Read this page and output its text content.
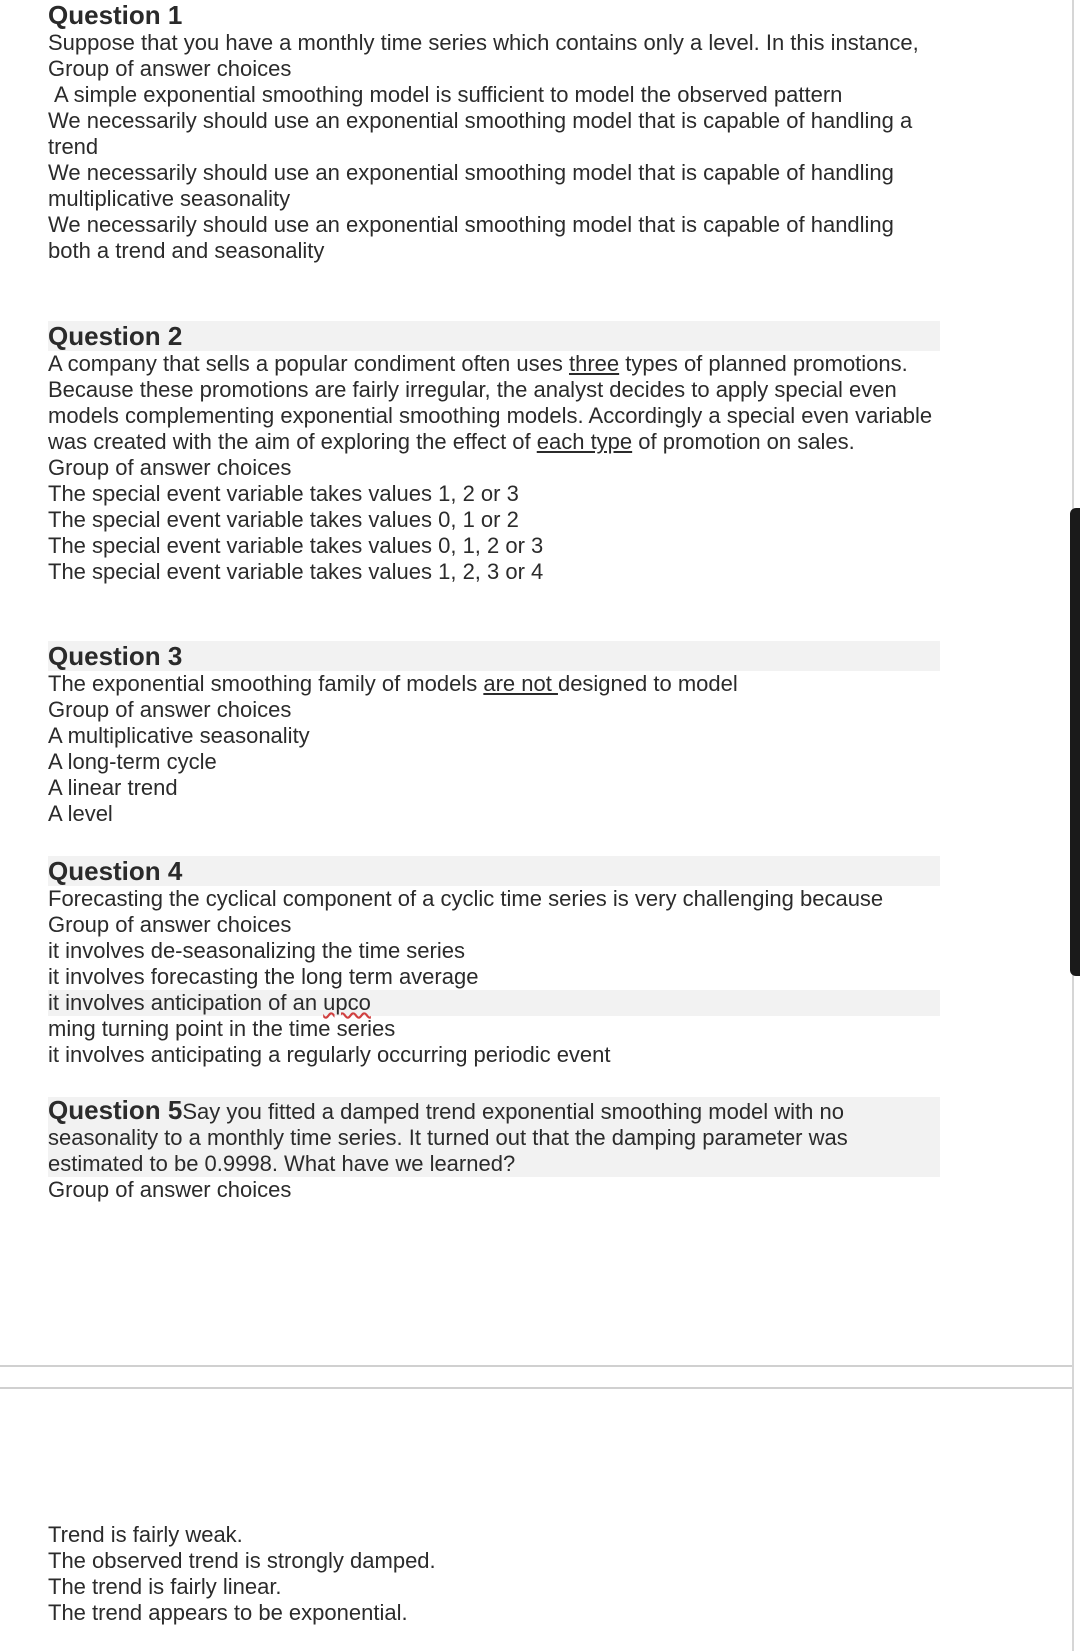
Question 1
Suppose that you have a monthly time series which contains only a level. In this instance,
Group of answer choices
A simple exponential smoothing model is sufficient to model the observed pattern
We necessarily should use an exponential smoothing model that is capable of handling a trend
We necessarily should use an exponential smoothing model that is capable of handling multiplicative seasonality
We necessarily should use an exponential smoothing model that is capable of handling both a trend and seasonality
Question 2
A company that sells a popular condiment often uses three types of planned promotions. Because these promotions are fairly irregular, the analyst decides to apply special even models complementing exponential smoothing models. Accordingly a special even variable was created with the aim of exploring the effect of each type of promotion on sales.
Group of answer choices
The special event variable takes values 1, 2 or 3
The special event variable takes values 0, 1 or 2
The special event variable takes values 0, 1, 2 or 3
The special event variable takes values 1, 2, 3 or 4
Question 3
The exponential smoothing family of models are not designed to model
Group of answer choices
A multiplicative seasonality
A long-term cycle
A linear trend
A level
Question 4
Forecasting the cyclical component of a cyclic time series is very challenging because
Group of answer choices
it involves de-seasonalizing the time series
it involves forecasting the long term average
it involves anticipation of an upco
ming turning point in the time series
it involves anticipating a regularly occurring periodic event
Question 5Say you fitted a damped trend exponential smoothing model with no seasonality to a monthly time series. It turned out that the damping parameter was estimated to be 0.9998. What have we learned?
Group of answer choices
Trend is fairly weak.
The observed trend is strongly damped.
The trend is fairly linear.
The trend appears to be exponential.
